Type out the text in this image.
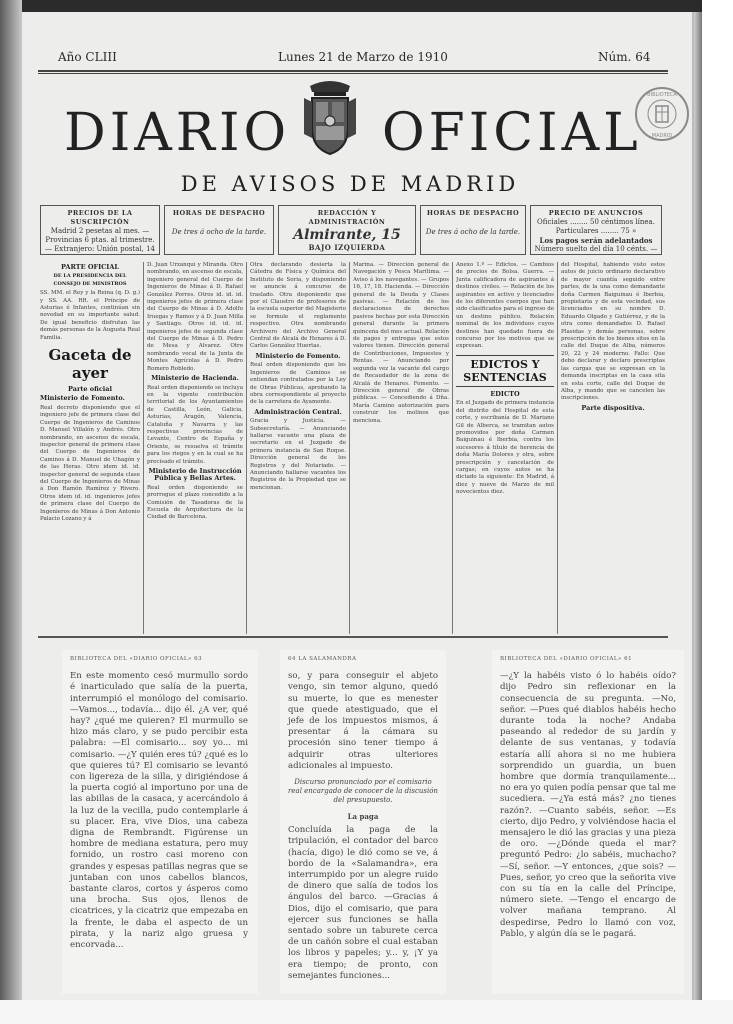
Año CLIII	Lunes 21 de Marzo de 1910	Núm. 64
DIARIO OFICIAL
BIBLIOTECA
MADRID
DE AVISOS DE MADRID
PRECIOS DE LA SUSCRIPCIÓN
Madrid 2 pesetas al mes. — Provincias 6 ptas. al trimestre. — Extranjero: Unión postal, 14
HORAS DE DESPACHO
De tres á ocho de la tarde.
REDACCIÓN Y ADMINISTRACIÓN
Almirante, 15
BAJO IZQUIERDA
HORAS DE DESPACHO
De tres á ocho de la tarde.
PRECIO DE ANUNCIOS
Oficiales ........ 50 céntimos línea. Particulares ........ 75 »
Los pagos serán adelantados
Número suelto del día 10 cénts. —
PARTE OFICIAL
DE LA PRESIDENCIA DEL CONSEJO DE MINISTROS
SS. MM. el Rey y la Reina (q. D. g.) y SS. AA. RR. el Príncipe de Asturias é Infantes, continúan sin novedad en su importante salud. De igual beneficio disfrutan las demás personas de la Augusta Real Familia.
Gaceta de ayer
Parte oficial
Ministerio de Fomento.
Real decreto disponiendo que el ingeniero jefe de primera clase del Cuerpo de Ingenieros de Caminos D. Manuel Villalón y Andrés. Otro nombrando, en ascenso de escala, inspector general de primera clase del Cuerpo de Ingenieros de Caminos á D. Manuel de Uhagón y de las Heras. Otro idem id. id. inspector general de segunda clase del Cuerpo de Ingenieros de Minas á Don Ramón Ramírez y Rivero. Otros idem id. id. ingenieros jefes de primera clase del Cuerpo de Ingenieros de Minas á Don Antonio Palacio Lozano y á
D. Juan Urzanqui y Miranda. Otro nombrando, en ascenso de escala, ingeniero general del Cuerpo de Ingenieros de Minas á D. Rafael González Porres. Otros id. id. id. ingenieros jefes de primera clase del Cuerpo de Minas á D. Adolfo Iruegas y Ramos y á D. Juan Milla y Santiago. Otros id. id. id. ingenieros jefes de segunda clase del Cuerpo de Minas á D. Pedro de Mesa y Alvarez. Otro nombrando vocal de la Junta de Montes Agrícolas á D. Pedro Romero Robledo.
Ministerio de Hacienda.
Real orden disponiendo se incluya en la vigente contribución territorial de los Ayuntamientos de Castilla, León, Galicia, Asturias, Aragón, Valencia, Cataluña y Navarra y las respectivas provincias de Levante, Centro de España y Oriente, se resuelva el trámite para los riegos y en la cual se ha precisado el trámite.
Ministerio de Instrucción Pública y Bellas Artes.
Real orden disponiendo se prorrogue el plazo concedido a la Comisión de Tasadoras de la Escuela de Arquitectura de la Ciudad de Barcelona.
Otra declarando desierta la Cátedra de Física y Química del Instituto de Soria, y disponiendo se anuncie á concurso de traslado. Otra disponiendo que por el Claustro de profesores de la escuela superior del Magisterio se formule el reglamento respectivo. Otra nombrando Archivero del Archivo General Central de Alcalá de Henares á D. Carlos González Huertas.
Ministerio de Fomento.
Real orden disponiendo que los Ingenieros de Caminos se entiendan contratados por la Ley de Obras Públicas, aprobando la obra correspondiente al proyecto de la carretera de Ayamonte.
Administración Central.
Gracia y Justicia. — Subsecretaría. — Anunciando hallarse vacante una plaza de secretario en el Juzgado de primera instancia de San Roque. Dirección general de los Registros y del Notariado. — Anunciando hallarse vacantes los Registros de la Propiedad que se mencionan.
Marina. — Dirección general de Navegación y Pesca Marítima. — Aviso á los navegantes. — Grupos 16, 17, 18. Hacienda. — Dirección general de la Deuda y Clases pasivas. — Relación de los declaraciones de derechos pasivos hechas por esta Dirección general durante la primera quincena del mes actual. Relación de pagos y entregas que estos valores tienen. Dirección general de Contribuciones, Impuestos y Rentas. — Anunciando por segunda vez la vacante del cargo de Recaudador de la zona de Alcalá de Henares. Fomento. — Dirección general de Obras públicas. — Concediendo á Dña. María Camino autorización para construir los molinos que menciona.
Anexo 1.º — Edictos. — Cambios de precios de Bolsa. Guerra. — Junta calificadora de aspirantes á destinos civiles. — Relación de los aspirantes en activo y licenciados de los diferentes cuerpos que han sido clasificados para el ingreso de un destino público. Relación nominal de los individuos cuyos destinos han quedado fuera de concurso por los motivos que se expresan.
EDICTOS Y SENTENCIAS
EDICTO
En el Juzgado de primera instancia del distrito del Hospital de esta corte, y escribanía de D. Mariano Gil de Alberca, se tramitan autos promovidos por doña Carmen Baiguinau é Iberbia, contra los sucesores á título de herencia de doña María Dolores y otra, sobre prescripción y cancelación de cargas; en cuyos autos se ha dictado la siguiente: En Madrid, á diez y nueve de Marzo de mil novecientos diez.
del Hospital, habiendo visto estos autos de juicio ordinario declarativo de mayor cuantía seguido entre partes, de la una como demandante doña Carmen Baiguinau é Iberbia, propietaria y de esta vecindad, sus licenciados en su nombre D. Eduardo Olgado y Gutiérrez, y de la otra como demandados D. Rafael Plasidas y demás personas, sobre prescripción de los bienes sitos en la calle del Duque de Alba, números 20, 22 y 24 moderno. Fallo: Que debo declarar y declaro prescriptas las cargas que se expresan en la demanda inscriptas en la casa sita en esta corte, calle del Duque de Alba, y mando que se cancelen las inscripciones.
Parte dispositiva.
BIBLIOTECA DEL «DIARIO OFICIAL» 63
En este momento cesó murmullo sordo é inarticulado que salía de la puerta, interrumpió el monólogo del comisario. —Vamos..., todavía... dijo él. ¿A ver, qué hay? ¿qué me quieren? El murmullo se hizo más claro, y se pudo percibir esta palabra: —El comisario... soy yo... mi comisario. —¿Y quién eres tú? ¿qué es lo que quieres tú? El comisario se levantó con ligereza de la silla, y dirigiéndose á la puerta cogió al importuno por una de las abillas de la casaca, y acercándolo á la luz de la vecilla, pudo contemplarle á su placer. Era, vive Dios, una cabeza digna de Rembrandt. Figúrense un hombre de mediana estatura, pero muy fornido, un rostro casi moreno con grandes y espesas patillas negras que se juntaban con unos cabellos blancos, bastante claros, cortos y ásperos como una brocha. Sus ojos, llenos de cicatrices, y la cicatriz que empezaba en la frente, le daba el aspecto de un pirata, y la nariz algo gruesa y encorvada...
64 LA SALAMANDRA
so, y para conseguir el abjeto vengo, sin temor alguno, quedó su muerte, lo que es menester que quede atestiguado, que el jefe de los impuestos mismos, á presentar á la cámara su procesión sino tener tiempo á adquirir otras ulteriores adicionales al impuesto.
Discurso pronunciado por el comisario real encargado de conocer de la discusión del presupuesto.
La paga
Concluída la paga de la tripulación, el contador del barco (hacía, digo) le dió como se ve, á bordo de la «Salamandra», era interrumpido por un alegre ruido de dinero que salía de todos los ángulos del barco. —Gracias á Dios, dijo el comisario, que para ejercer sus funciones se halla sentado sobre un taburete cerca de un cañón sobre el cual estaban los libros y papeles; y... y, ¡Y ya era tiempo; de pronto, con semejantes funciones...
BIBLIOTECA DEL «DIARIO OFICIAL» 61
—¿Y la habéis visto ó lo habéis oído? dijo Pedro sin reflexionar en la consecuencia de su pregunta. —No, señor. —Pues qué diablos habéis hecho durante toda la noche? Andaba paseando al rededor de su jardín y delante de sus ventanas, y todavía estaría allí ahora si no me hubiera sorprendido un guardia, un buen hombre que dormía tranquilamente... no era yo quien podía pensar que tal me sucediera. —¿Ya está más? ¿no tienes razón?. —Cuanto sabéis, señor. —Es cierto, dijo Pedro, y volviéndose hacia el mensajero le dió las gracias y una pieza de oro. —¿Dónde queda el mar? preguntó Pedro: ¿lo sabéis, muchacho? —Sí, señor. —Y entonces, ¿que sois? —Pues, señor, yo creo que la señorita vive con su tía en la calle del Príncipe, número siete. —Tengo el encargo de volver mañana temprano. Al despedirse, Pedro lo llamó con voz, Pablo, y algún día se le pagará.
